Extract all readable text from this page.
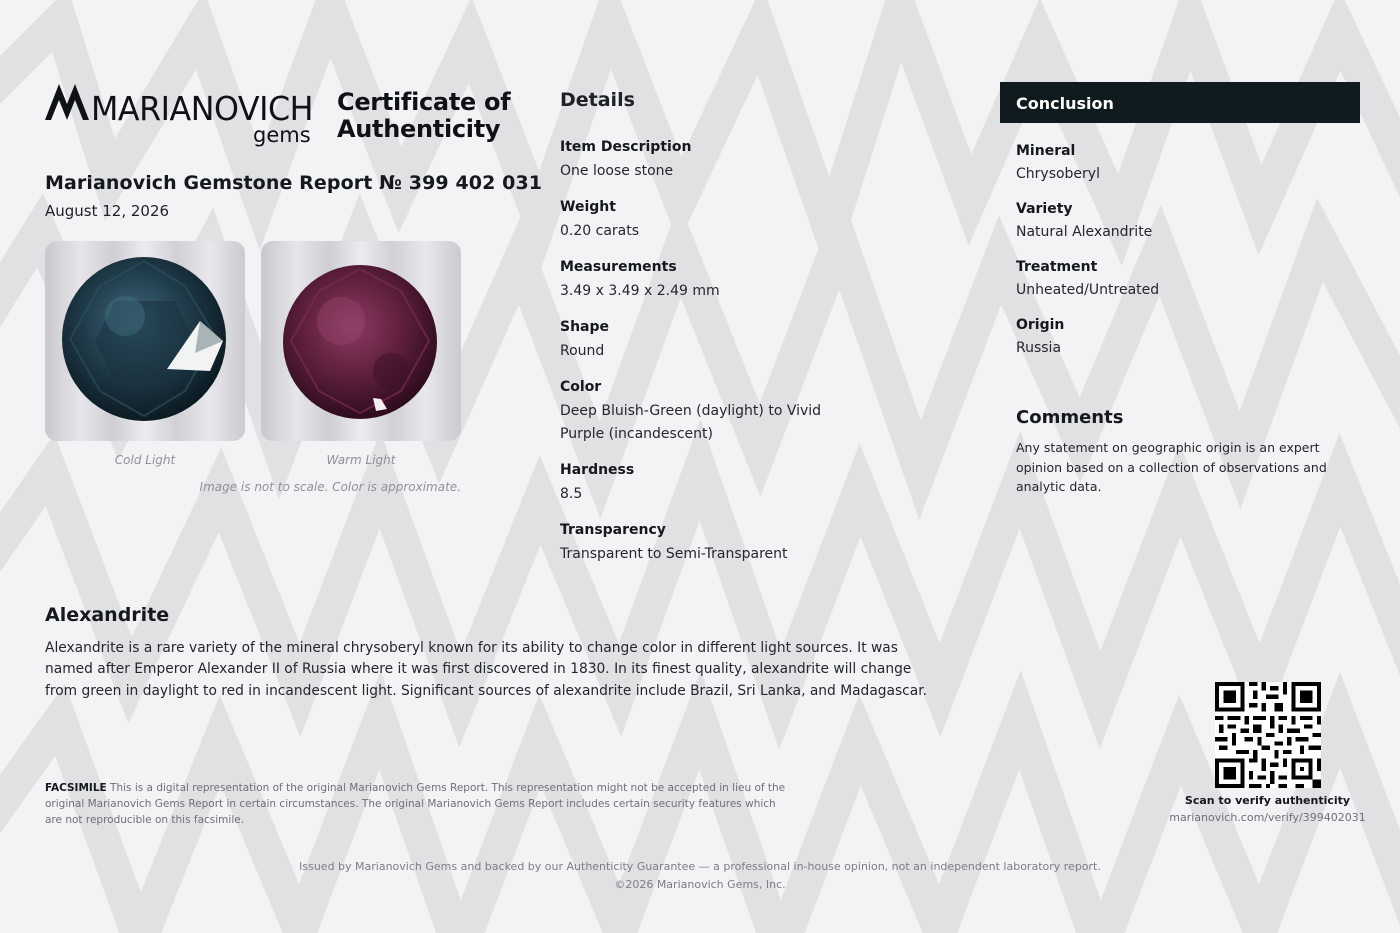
MARIANOVICH
gems
Certificate of
Authenticity
Marianovich Gemstone Report № 399 402 031
August 12, 2026
Cold Light	Warm Light
Image is not to scale. Color is approximate.
Details
Item Description
One loose stone
Weight
0.20 carats
Measurements
3.49 x 3.49 x 2.49 mm
Shape
Round
Color
Deep Bluish-Green (daylight) to Vivid Purple (incandescent)
Hardness
8.5
Transparency
Transparent to Semi-Transparent
Conclusion
Mineral
Chrysoberyl
Variety
Natural Alexandrite
Treatment
Unheated/Untreated
Origin
Russia
Comments
Any statement on geographic origin is an expert opinion based on a collection of observations and analytic data.
Alexandrite
Alexandrite is a rare variety of the mineral chrysoberyl known for its ability to change color in different light sources. It was named after Emperor Alexander II of Russia where it was first discovered in 1830. In its finest quality, alexandrite will change from green in daylight to red in incandescent light. Significant sources of alexandrite include Brazil, Sri Lanka, and Madagascar.
FACSIMILE This is a digital representation of the original Marianovich Gems Report. This representation might not be accepted in lieu of the original Marianovich Gems Report in certain circumstances. The original Marianovich Gems Report includes certain security features which are not reproducible on this facsimile.
Scan to verify authenticity
marianovich.com/verify/399402031
Issued by Marianovich Gems and backed by our Authenticity Guarantee — a professional in-house opinion, not an independent laboratory report.
©2026 Marianovich Gems, Inc.
